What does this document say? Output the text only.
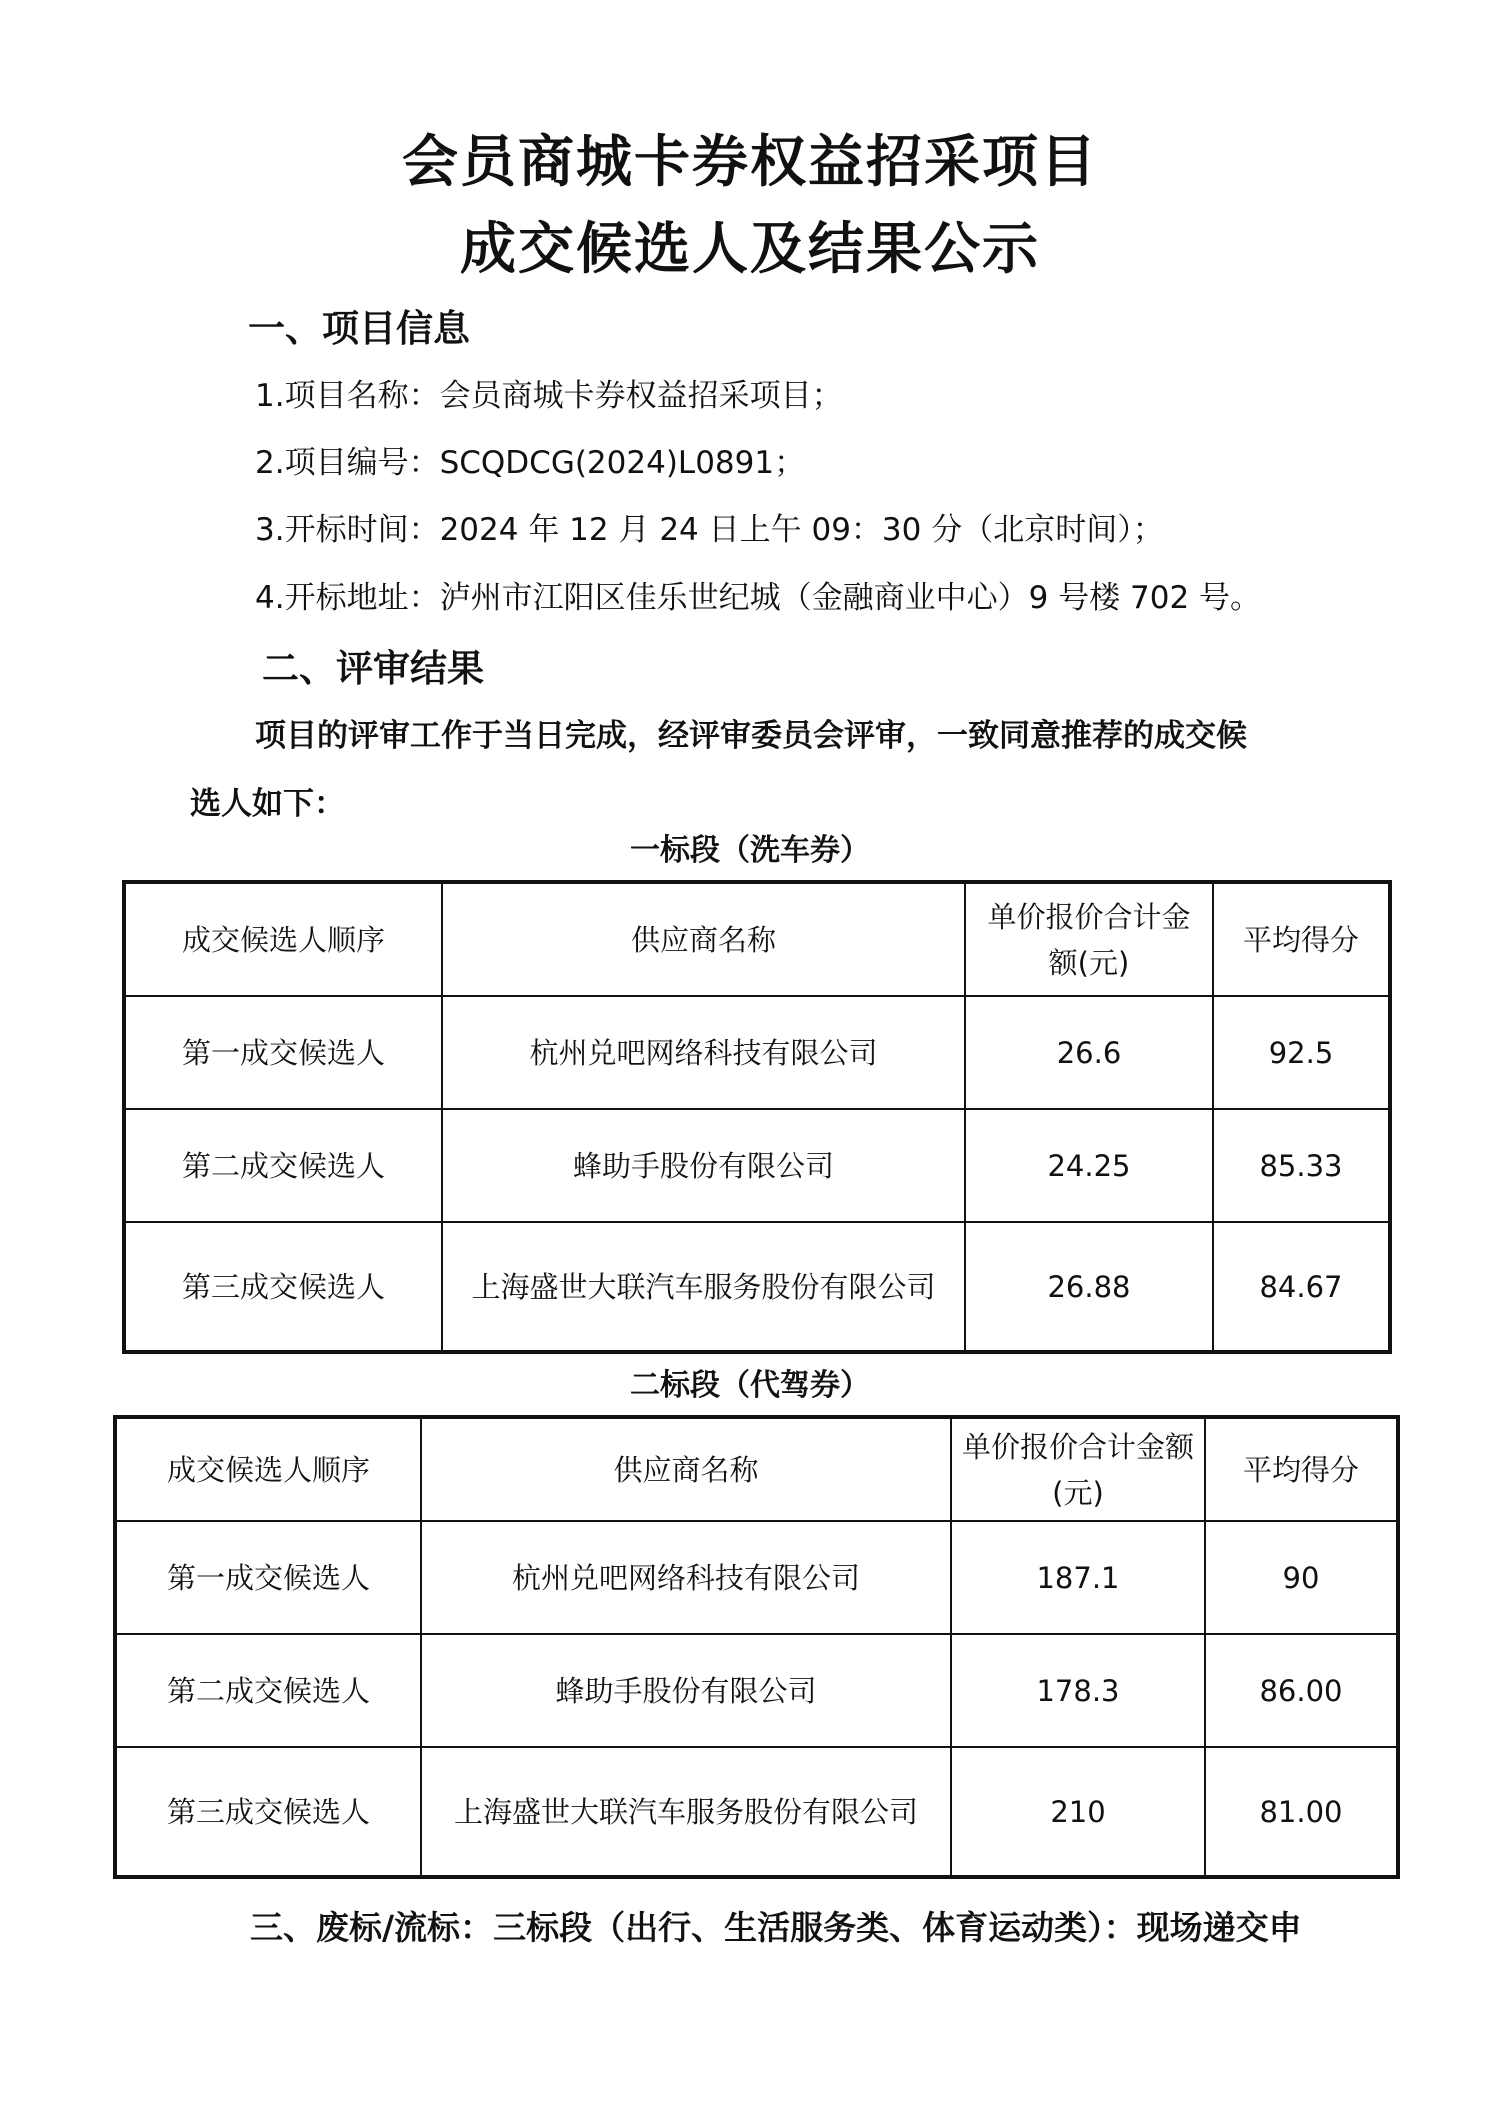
会员商城卡券权益招采项目
成交候选人及结果公示
一、项目信息

1.项目名称：会员商城卡券权益招采项目；

2.项目编号：SCQDCG(2024)L0891；

3.开标时间：2024 年 12 月 24 日上午 09：30 分（北京时间）；

4.开标地址：泸州市江阳区佳乐世纪城（金融商业中心）9 号楼 702 号。

二、评审结果

项目的评审工作于当日完成，经评审委员会评审，一致同意推荐的成交候

选人如下：

一标段（洗车券）

成交候选人顺序	供应商名称	单价报价合计金额(元)	平均得分
第一成交候选人	杭州兑吧网络科技有限公司	26.6	92.5
第二成交候选人	蜂助手股份有限公司	24.25	85.33
第三成交候选人	上海盛世大联汽车服务股份有限公司	26.88	84.67

二标段（代驾券）

成交候选人顺序	供应商名称	单价报价合计金额(元)	平均得分
第一成交候选人	杭州兑吧网络科技有限公司	187.1	90
第二成交候选人	蜂助手股份有限公司	178.3	86.00
第三成交候选人	上海盛世大联汽车服务股份有限公司	210	81.00

三、废标/流标：三标段（出行、生活服务类、体育运动类）：现场递交申
